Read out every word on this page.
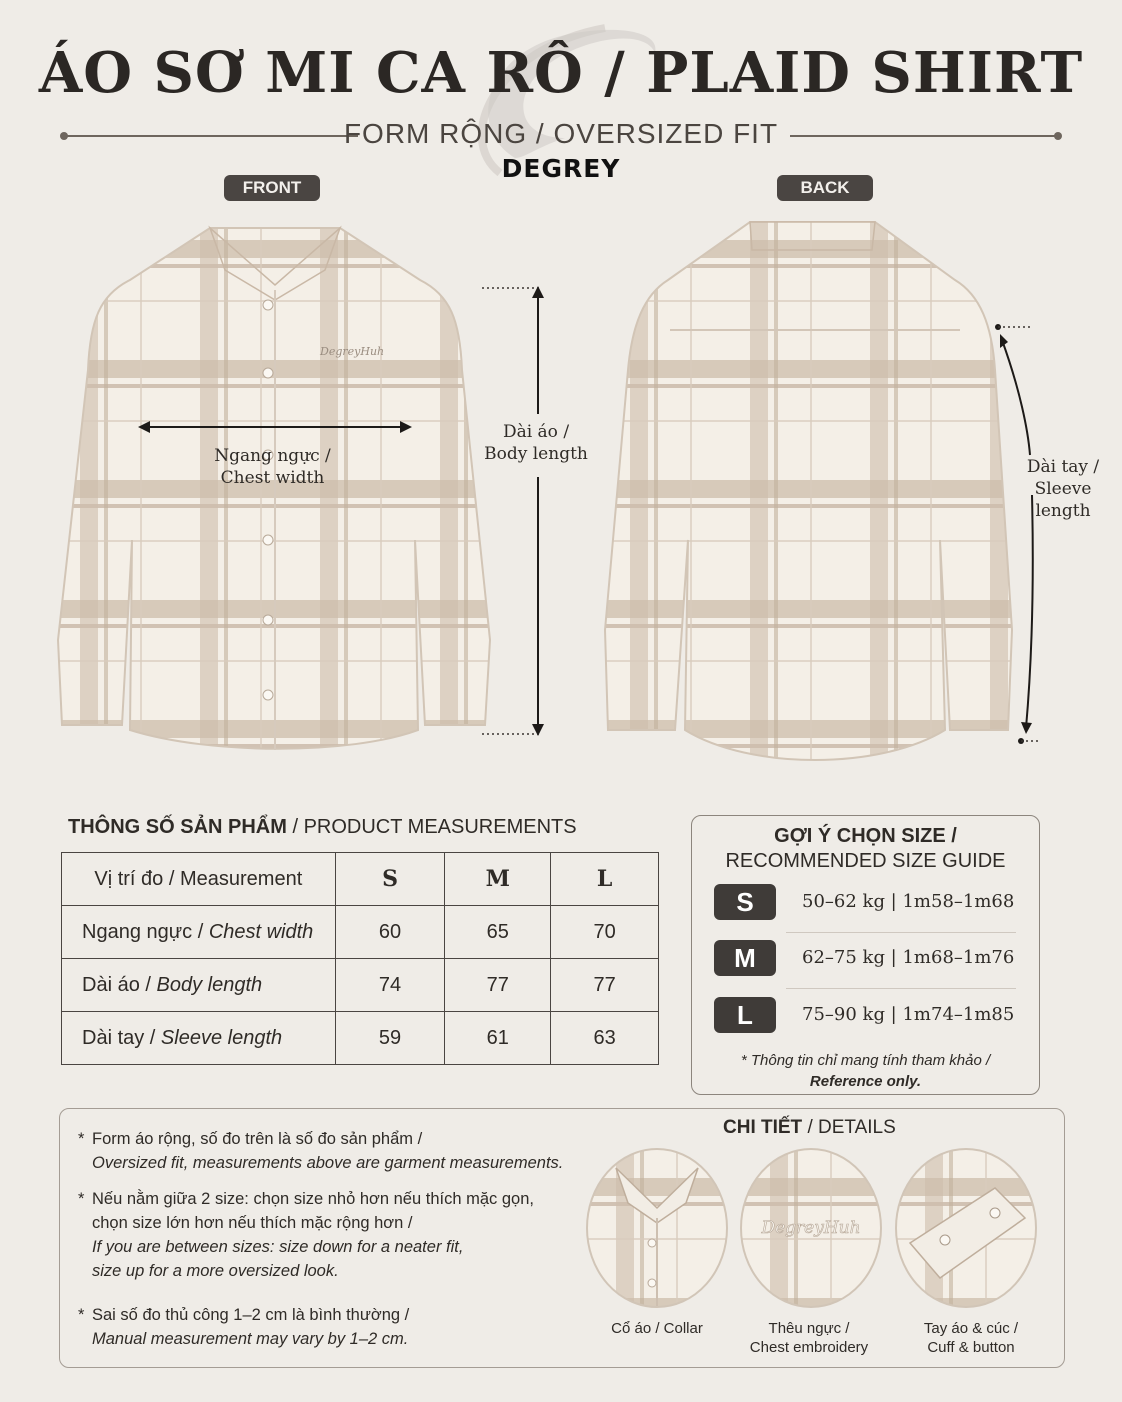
ÁO SƠ MI CA RÔ / PLAID SHIRT
FORM RỘNG / OVERSIZED FIT
DEGREY
FRONT	BACK
DegreyHuh
Ngang ngực /
Chest width
Dài áo /
Body length
Dài tay /
Sleeve length
THÔNG SỐ SẢN PHẨM / PRODUCT MEASUREMENTS
Vị trí đo / Measurement	S	M	L
Ngang ngực / Chest width	60	65	70
Dài áo / Body length	74	77	77
Dài tay / Sleeve length	59	61	63
GỢI Ý CHỌN SIZE /
RECOMMENDED SIZE GUIDE
S	50–62 kg | 1m58–1m68
M	62–75 kg | 1m68–1m76
L	75–90 kg | 1m74–1m85
* Thông tin chỉ mang tính tham khảo /
Reference only.
* Form áo rộng, số đo trên là số đo sản phẩm /
Oversized fit, measurements above are garment measurements.
* Nếu nằm giữa 2 size: chọn size nhỏ hơn nếu thích mặc gọn,
chọn size lớn hơn nếu thích mặc rộng hơn /
If you are between sizes: size down for a neater fit,
size up for a more oversized look.
* Sai số đo thủ công 1–2 cm là bình thường /
Manual measurement may vary by 1–2 cm.
CHI TIẾT / DETAILS
DegreyHuh
Cổ áo / Collar	Thêu ngực /
Chest embroidery
Tay áo & cúc /
Cuff & button
